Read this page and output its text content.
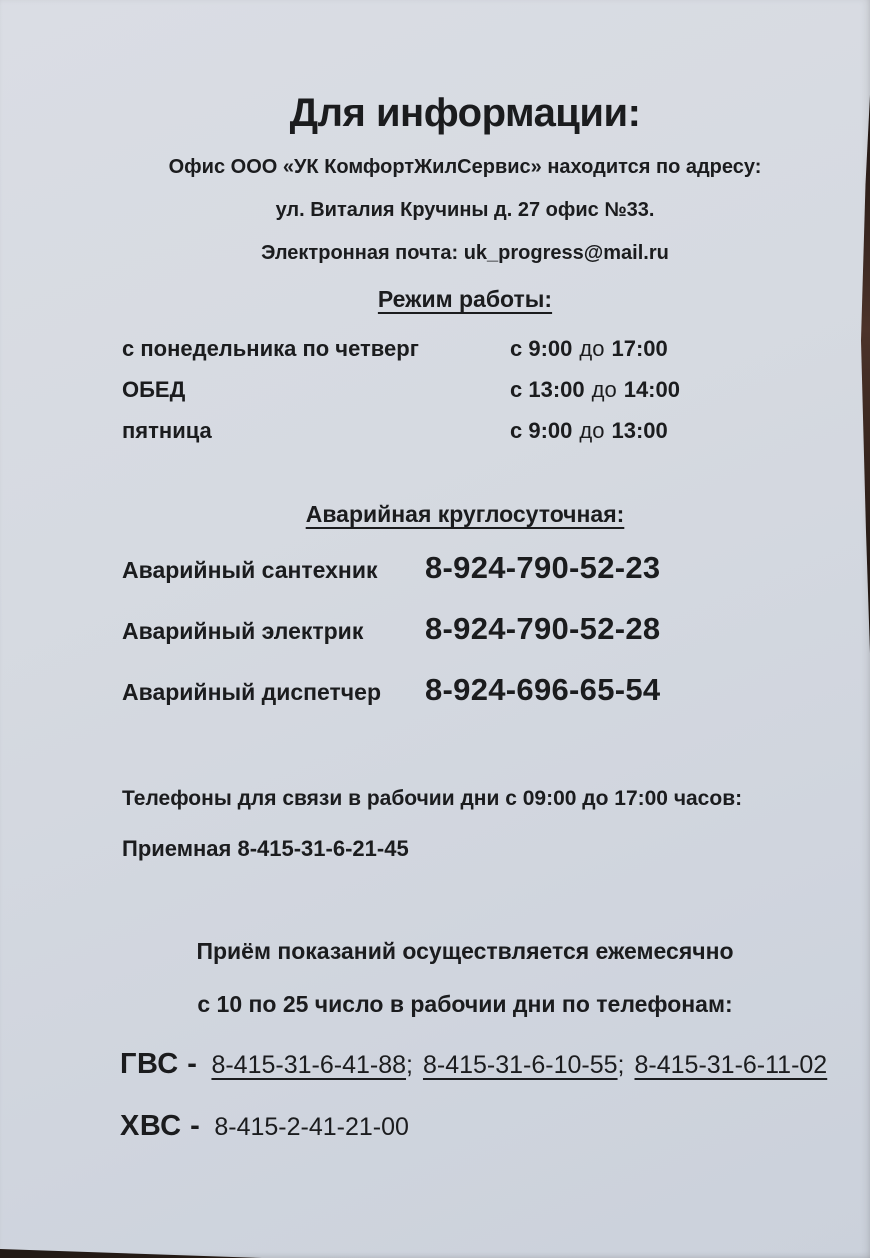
Для информации:
Офис ООО «УК КомфортЖилСервис» находится по адресу:
ул. Виталия Кручины д. 27 офис №33.
Электронная почта: uk_progress@mail.ru
Режим работы:
с понедельника по четверг	с 9:00 до 17:00
ОБЕД	с 13:00 до 14:00
пятница	с 9:00 до 13:00
Аварийная круглосуточная:
Аварийный сантехник	8-924-790-52-23
Аварийный электрик	8-924-790-52-28
Аварийный диспетчер	8-924-696-65-54
Телефоны для связи в рабочии дни с 09:00 до 17:00 часов:
Приемная 8-415-31-6-21-45
Приём показаний осуществляется ежемесячно
с 10 по 25 число в рабочии дни по телефонам:
ГВС - 8-415-31-6-41-88 ; 8-415-31-6-10-55 ; 8-415-31-6-11-02
ХВС - 8-415-2-41-21-00
